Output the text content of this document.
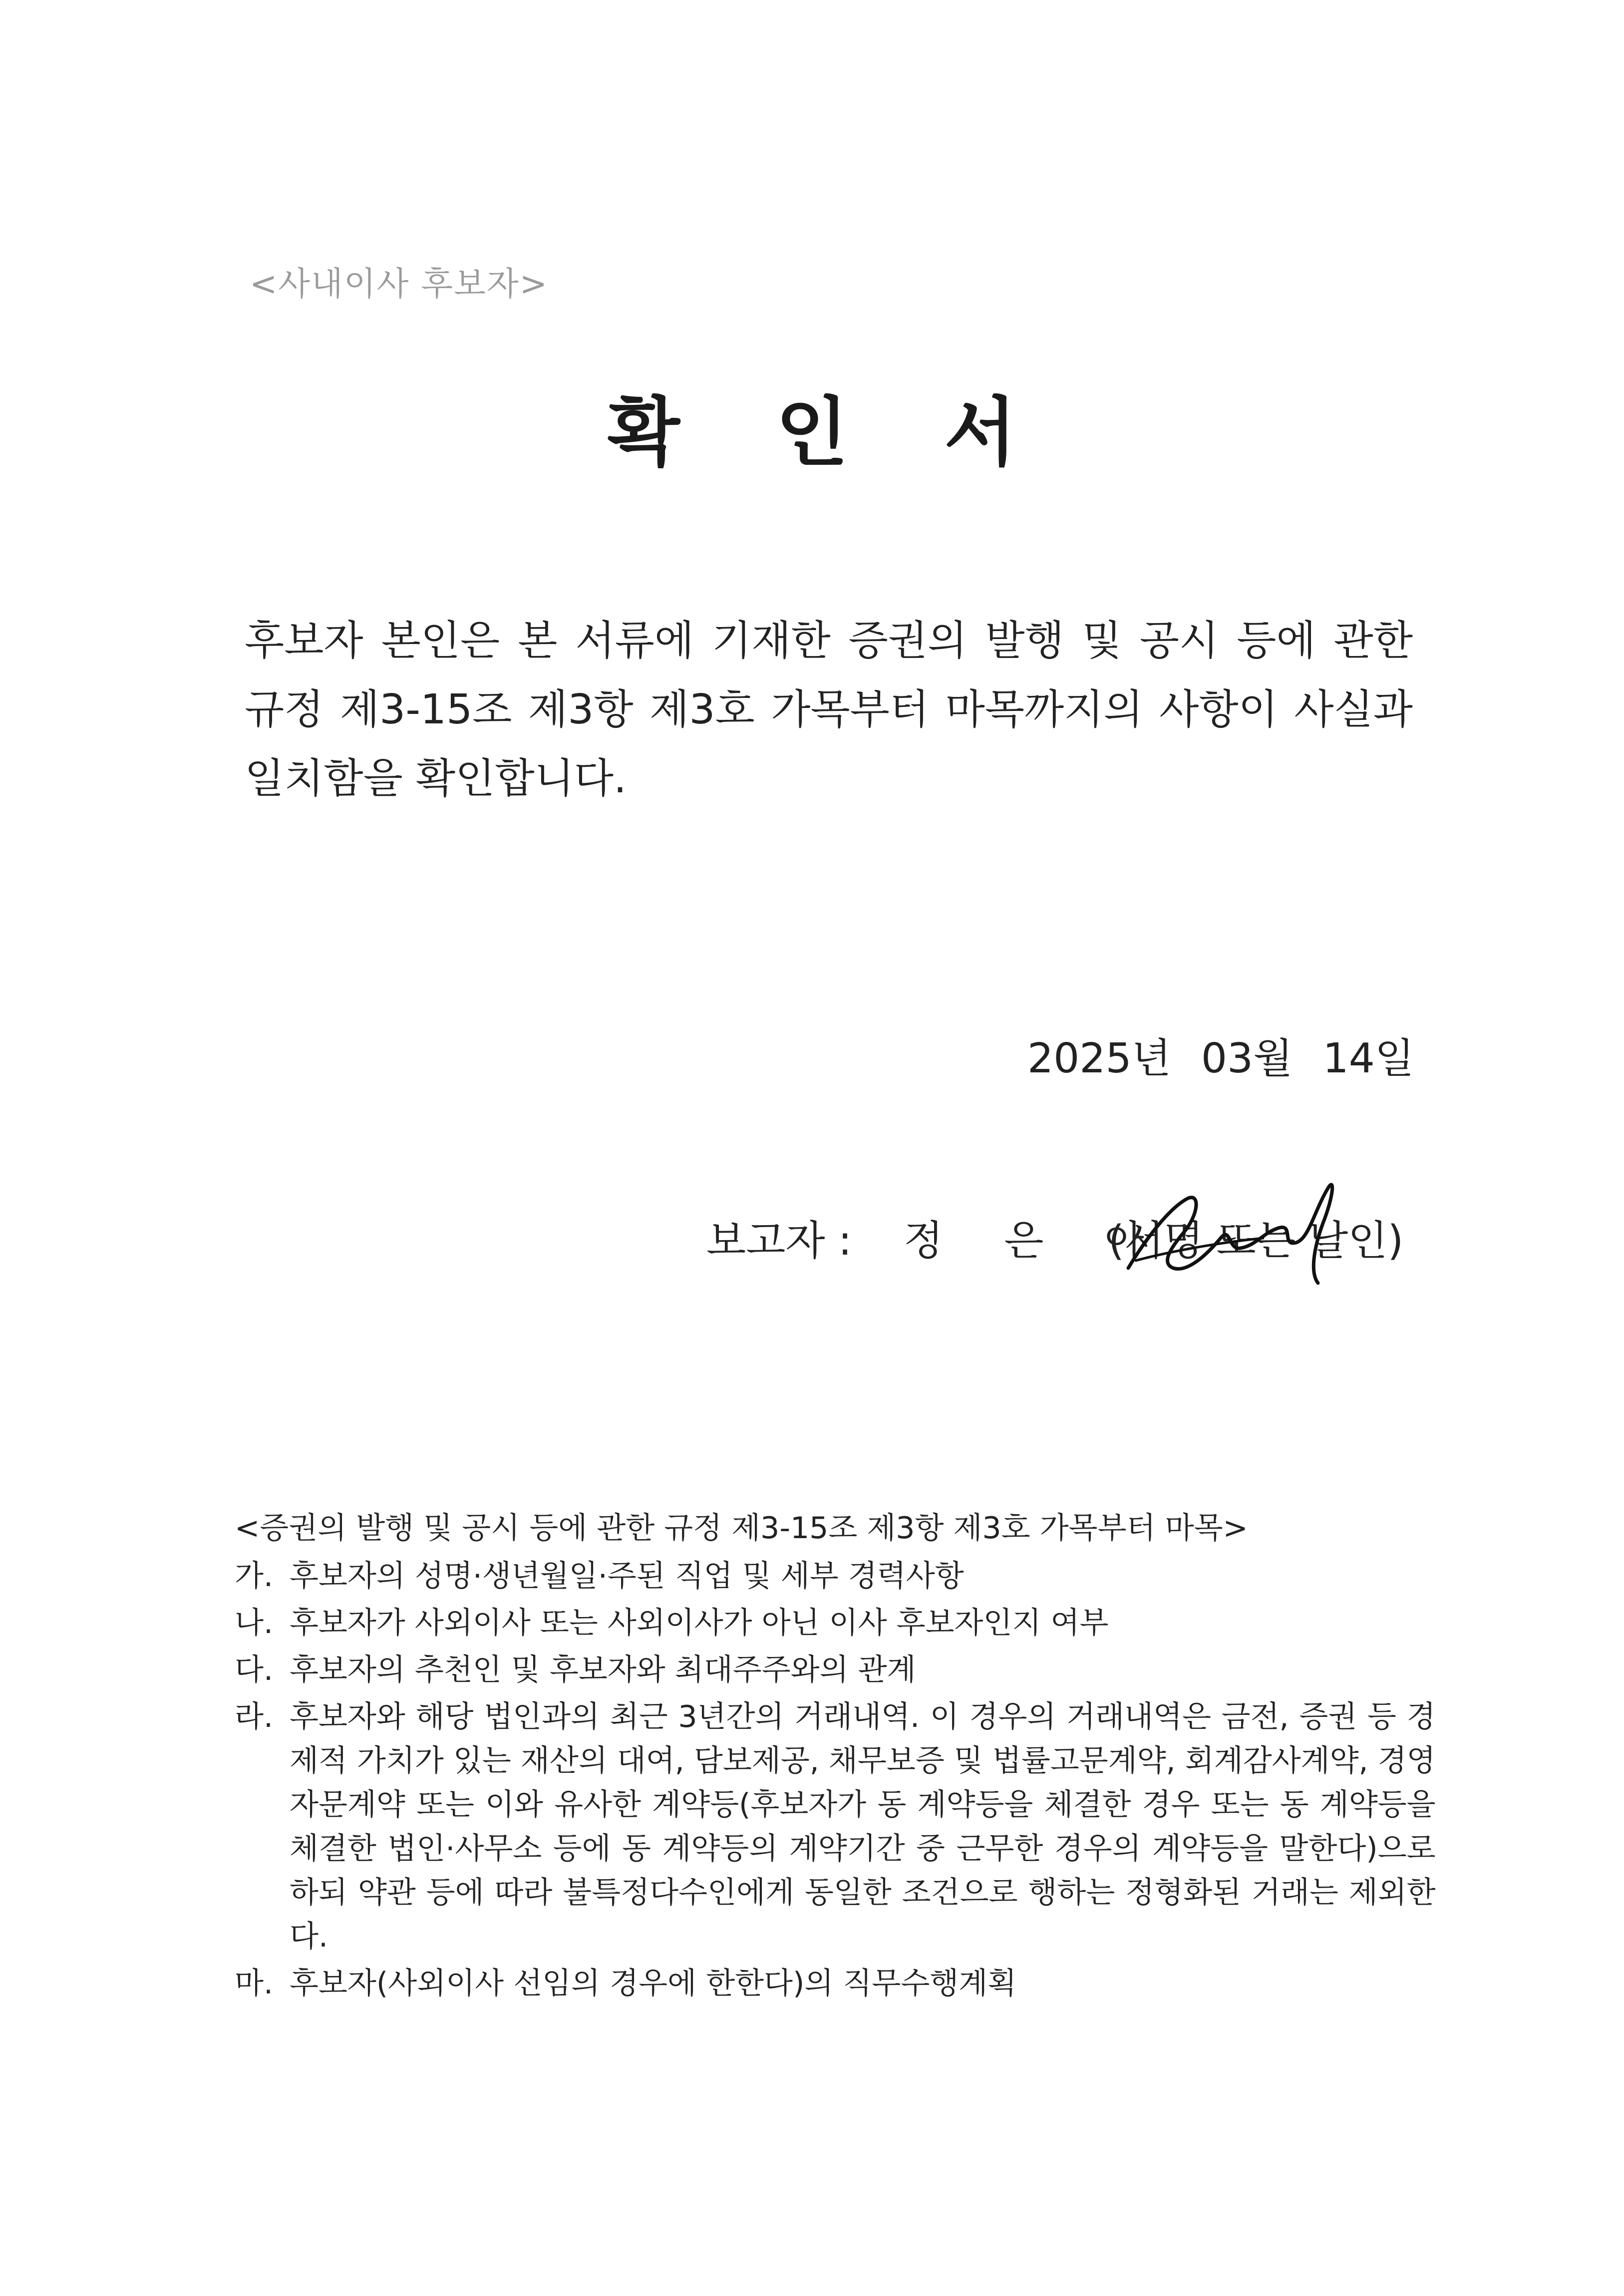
<사내이사 후보자>
확 인 서
후보자 본인은 본 서류에 기재한 증권의 발행 및 공시 등에 관한
규정 제3-15조 제3항 제3호 가목부터 마목까지의 사항이 사실과
일치함을 확인합니다.
2025년 03월 14일
보고자 : 정 은 아
(서명 또는 날인)
<증권의 발행 및 공시 등에 관한 규정 제3-15조 제3항 제3호 가목부터 마목>
가. 후보자의 성명·생년월일·주된 직업 및 세부 경력사항
나. 후보자가 사외이사 또는 사외이사가 아닌 이사 후보자인지 여부
다. 후보자의 추천인 및 후보자와 최대주주와의 관계
라. 후보자와 해당 법인과의 최근 3년간의 거래내역. 이 경우의 거래내역은 금전, 증권 등 경
제적 가치가 있는 재산의 대여, 담보제공, 채무보증 및 법률고문계약, 회계감사계약, 경영
자문계약 또는 이와 유사한 계약등(후보자가 동 계약등을 체결한 경우 또는 동 계약등을
체결한 법인·사무소 등에 동 계약등의 계약기간 중 근무한 경우의 계약등을 말한다)으로
하되 약관 등에 따라 불특정다수인에게 동일한 조건으로 행하는 정형화된 거래는 제외한
다.
마. 후보자(사외이사 선임의 경우에 한한다)의 직무수행계획
